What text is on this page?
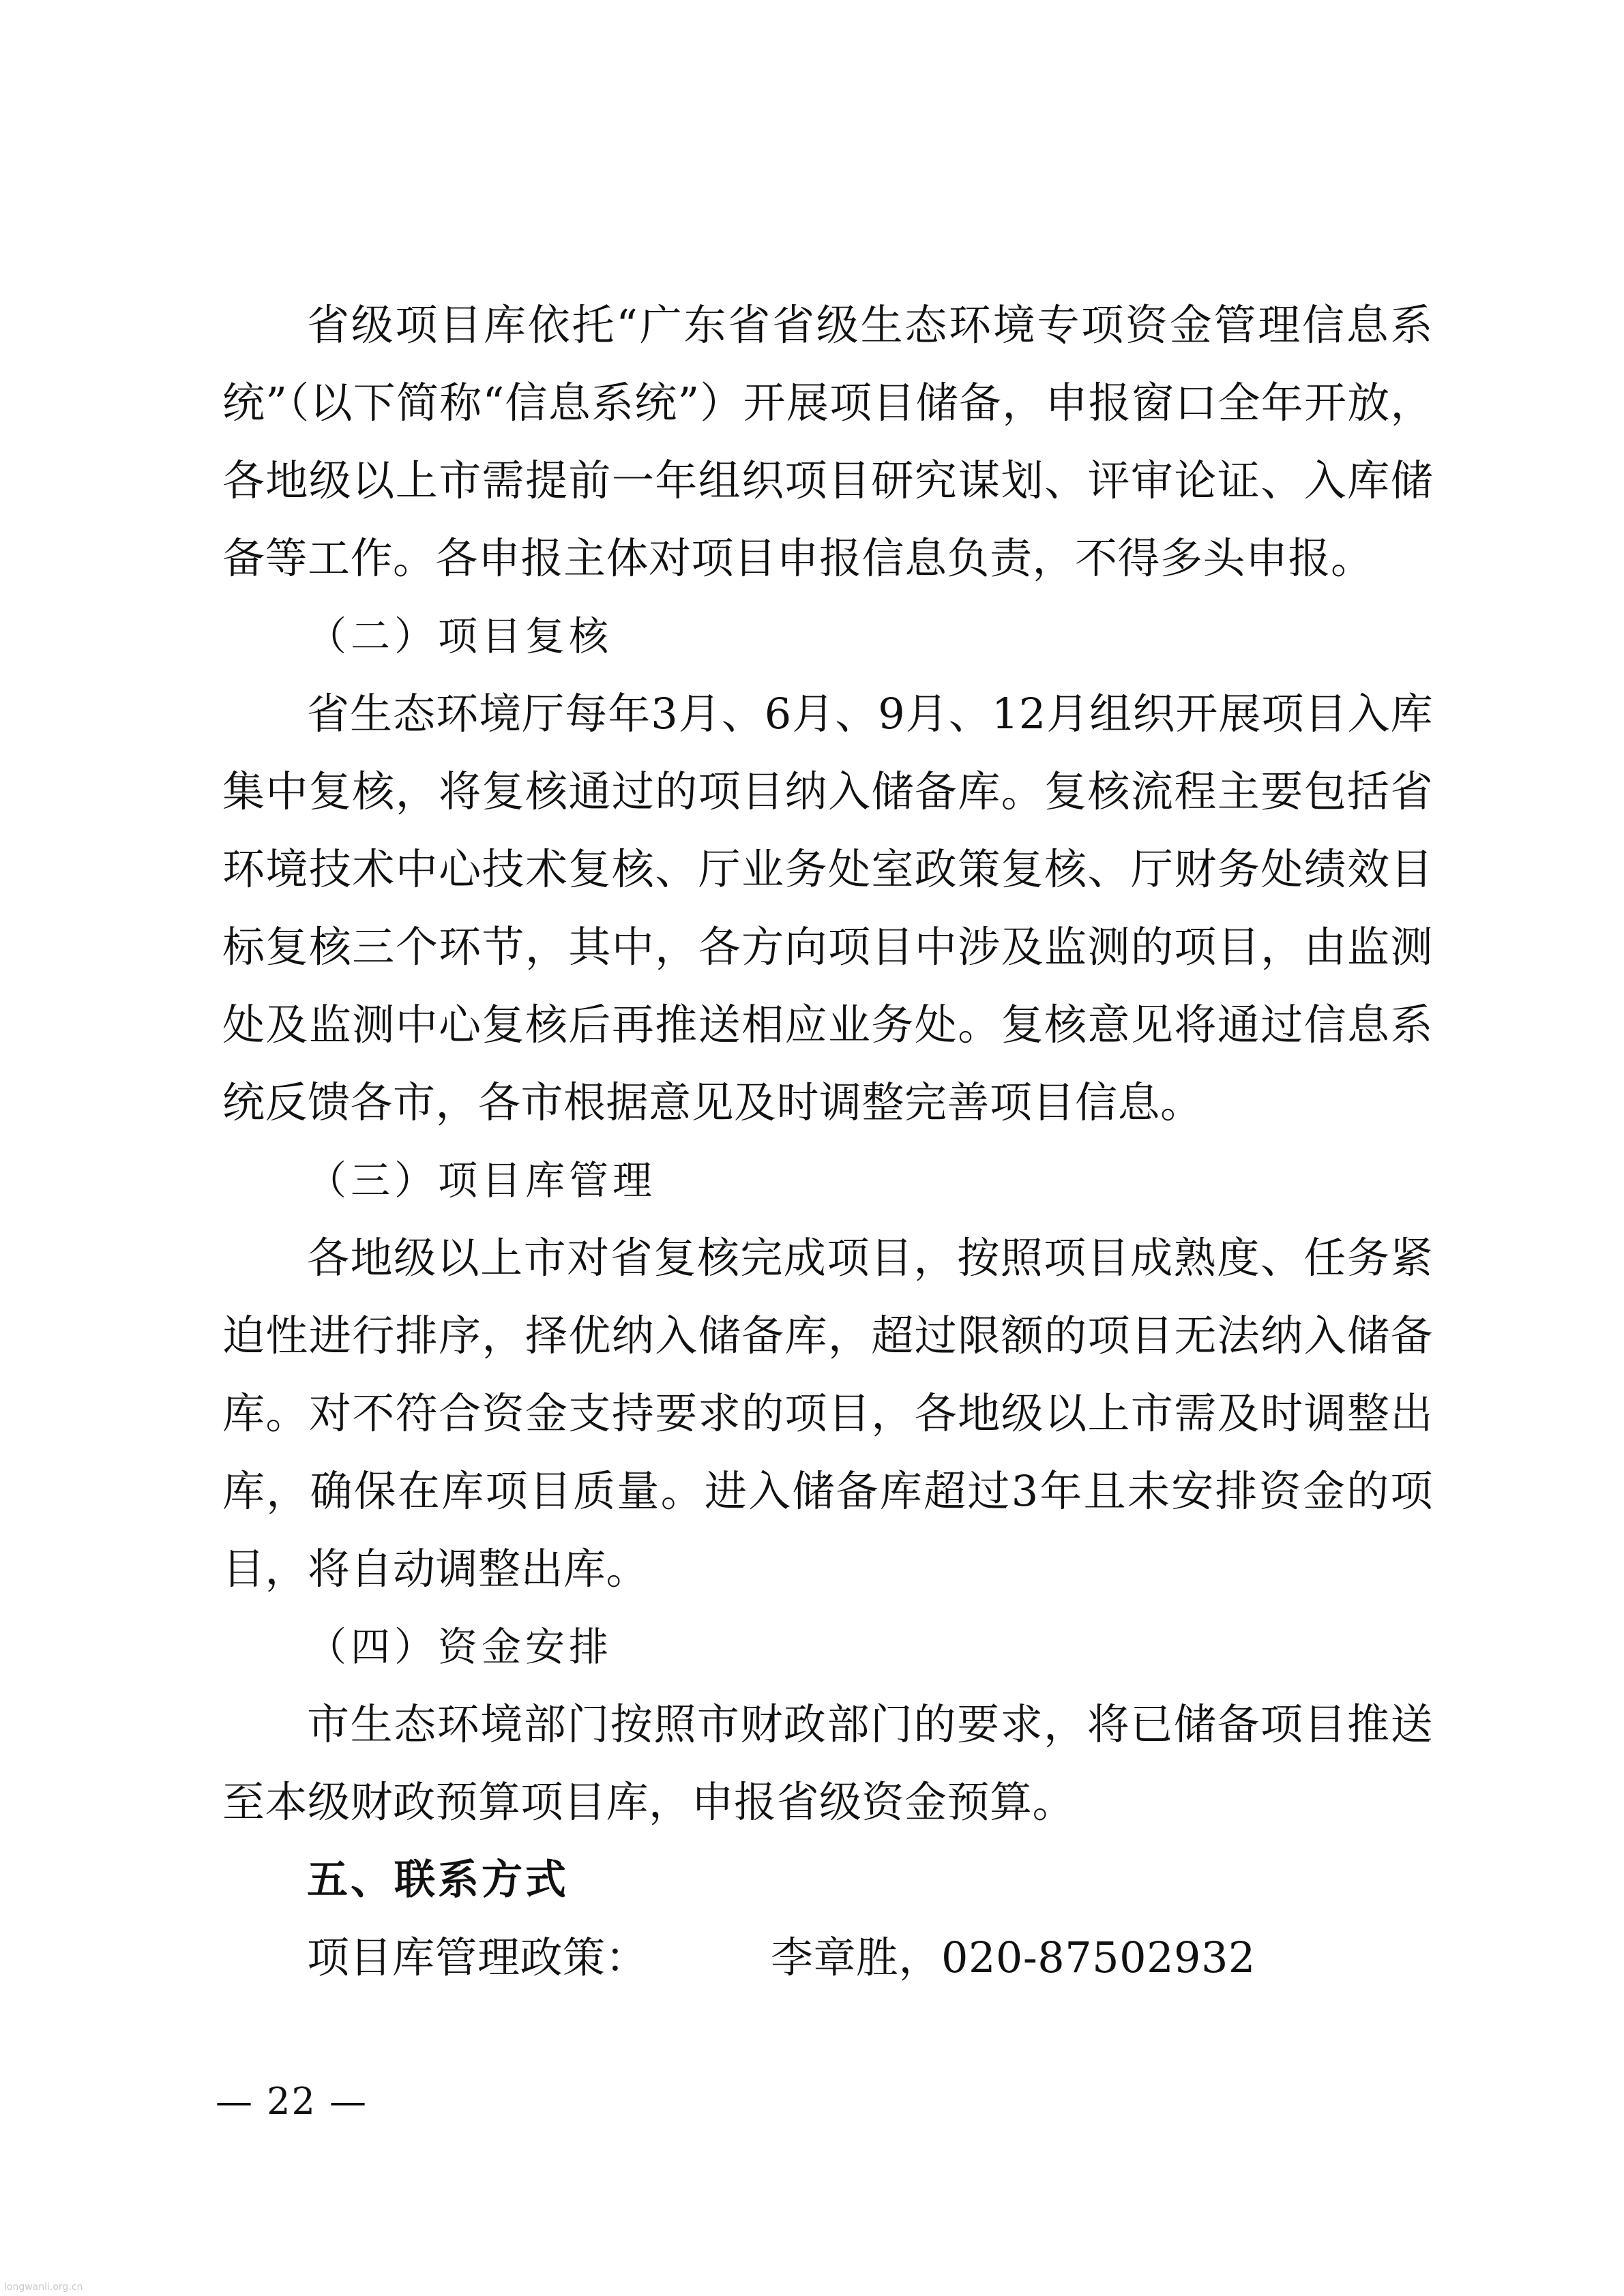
省级项目库依托“广东省省级生态环境专项资金管理信息系统”（以下简称“信息系统”）开展项目储备，申报窗口全年开放，各地级以上市需提前一年组织项目研究谋划、评审论证、入库储备等工作。各申报主体对项目申报信息负责，不得多头申报。

（二）项目复核

省生态环境厅每年3月、6月、9月、12月组织开展项目入库集中复核，将复核通过的项目纳入储备库。复核流程主要包括省环境技术中心技术复核、厅业务处室政策复核、厅财务处绩效目标复核三个环节，其中，各方向项目中涉及监测的项目，由监测处及监测中心复核后再推送相应业务处。复核意见将通过信息系统反馈各市，各市根据意见及时调整完善项目信息。

（三）项目库管理

各地级以上市对省复核完成项目，按照项目成熟度、任务紧迫性进行排序，择优纳入储备库，超过限额的项目无法纳入储备库。对不符合资金支持要求的项目，各地级以上市需及时调整出库，确保在库项目质量。进入储备库超过3年且未安排资金的项目，将自动调整出库。

（四）资金安排

市生态环境部门按照市财政部门的要求，将已储备项目推送至本级财政预算项目库，申报省级资金预算。

五、联系方式

项目库管理政策：	李章胜，020-87502932

— 22 —
longwanli.org.cn
